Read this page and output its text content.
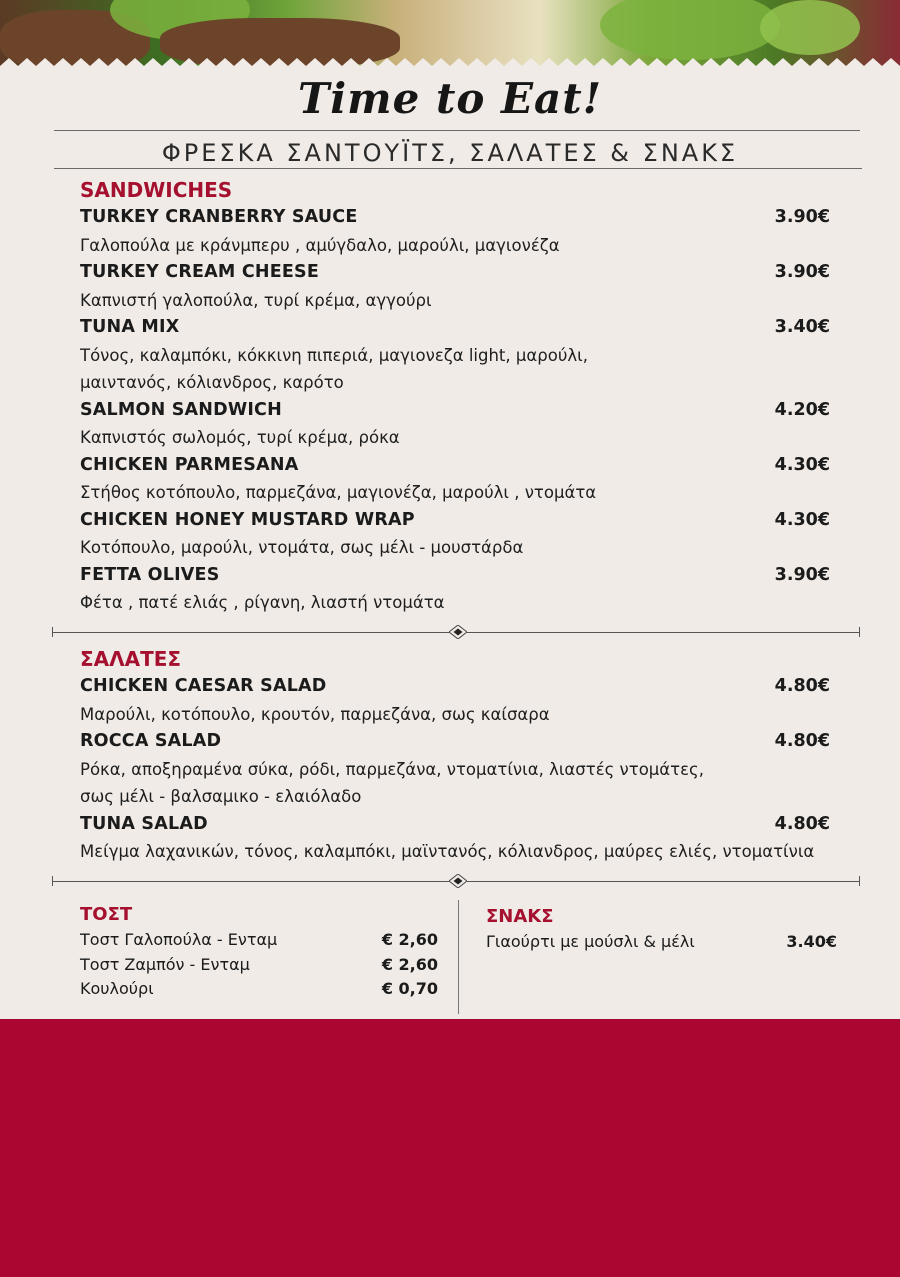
Time to Eat!
ΦΡΕΣΚΑ ΣΑΝΤΟΥΪΤΣ, ΣΑΛΑΤΕΣ & ΣΝΑΚΣ
SANDWICHES
TURKEY CRANBERRY SAUCE	3.90€
Γαλοπούλα με κράνμπερυ , αμύγδαλο, μαρούλι, μαγιονέζα
TURKEY CREAM CHEESE	3.90€
Καπνιστή γαλοπούλα, τυρί κρέμα, αγγούρι
TUNA MIX	3.40€
Τόνος, καλαμπόκι, κόκκινη πιπεριά, μαγιονεζα light, μαρούλι,
μαιντανός, κόλιανδρος, καρότο
SALMON SANDWICH	4.20€
Καπνιστός σωλομός, τυρί κρέμα, ρόκα
CHICKEN PARMESANA	4.30€
Στήθος κοτόπουλο, παρμεζάνα, μαγιονέζα, μαρούλι , ντομάτα
CHICKEN HONEY MUSTARD WRAP	4.30€
Κοτόπουλο, μαρούλι, ντομάτα, σως μέλι - μουστάρδα
FETTA OLIVES	3.90€
Φέτα , πατέ ελιάς , ρίγανη, λιαστή ντομάτα
ΣΑΛΑΤΕΣ
CHICKEN CAESAR SALAD	4.80€
Μαρούλι, κοτόπουλο, κρουτόν, παρμεζάνα, σως καίσαρα
ROCCA SALAD	4.80€
Ρόκα, αποξηραμένα σύκα, ρόδι, παρμεζάνα, ντοματίνια, λιαστές ντομάτες,
σως μέλι - βαλσαμικο - ελαιόλαδο
TUNA SALAD	4.80€
Μείγμα λαχανικών, τόνος, καλαμπόκι, μαϊντανός, κόλιανδρος, μαύρες ελιές, ντοματίνια
ΤΟΣΤ
Τοστ Γαλοπούλα - Ενταμ	€ 2,60
Τοστ Ζαμπόν - Ενταμ	€ 2,60
Κουλούρι	€ 0,70
ΣΝΑΚΣ
Γιαούρτι με μούσλι & μέλι	3.40€
